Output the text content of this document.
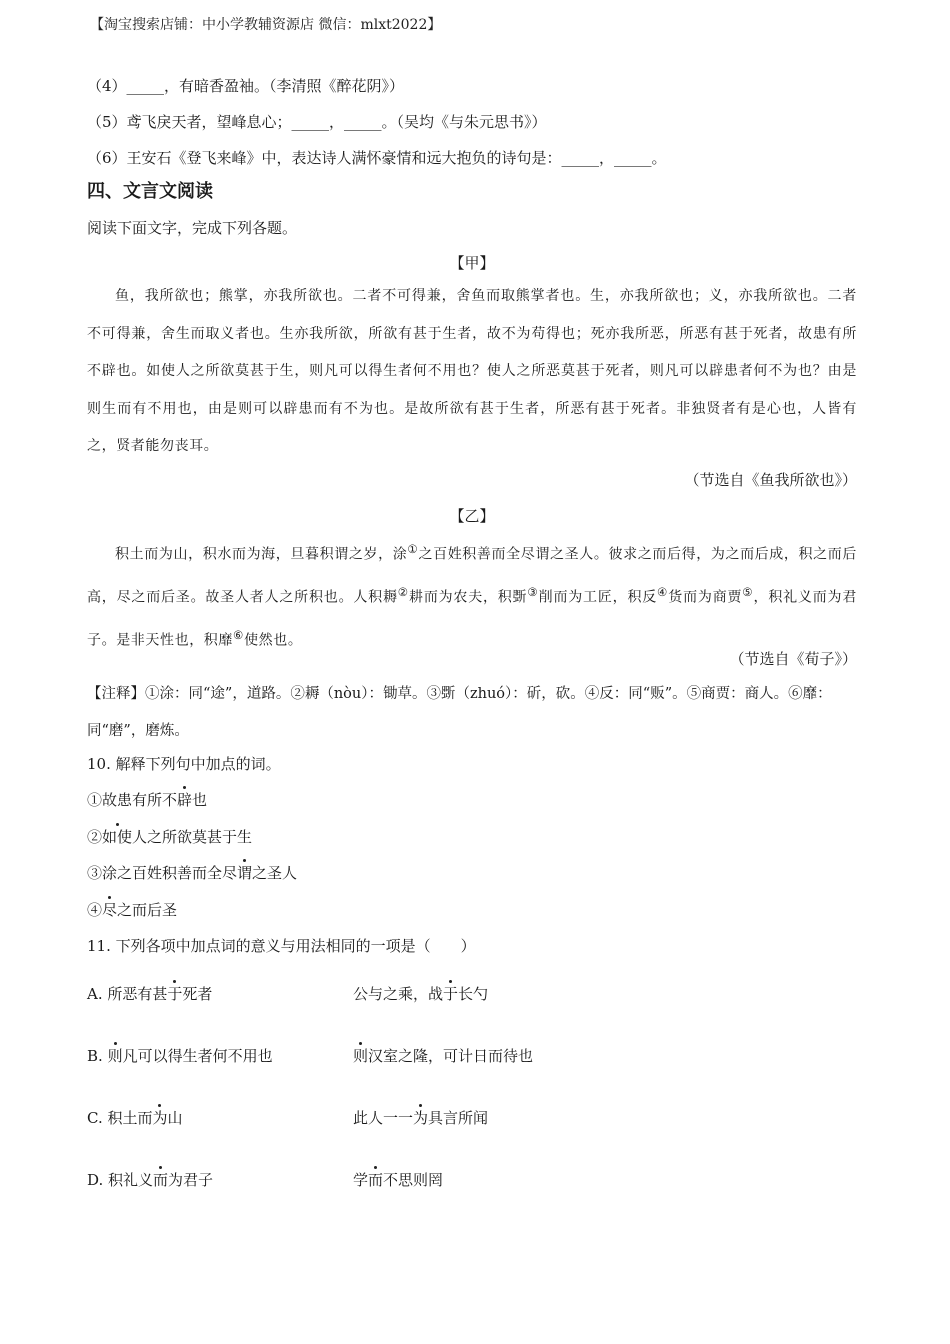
【淘宝搜索店铺：中小学教辅资源店 微信：mlxt2022】
（4）_____，有暗香盈袖。（李清照《醉花阴》）
（5）鸢飞戾天者，望峰息心；_____，_____。（吴均《与朱元思书》）
（6）王安石《登飞来峰》中，表达诗人满怀豪情和远大抱负的诗句是：_____，_____。
四、文言文阅读
阅读下面文字，完成下列各题。
【甲】
鱼，我所欲也；熊掌，亦我所欲也。二者不可得兼，舍鱼而取熊掌者也。生，亦我所欲也；义，亦我所欲也。二者不可得兼，舍生而取义者也。生亦我所欲，所欲有甚于生者，故不为苟得也；死亦我所恶，所恶有甚于死者，故患有所不辟也。如使人之所欲莫甚于生，则凡可以得生者何不用也？使人之所恶莫甚于死者，则凡可以辟患者何不为也？由是则生而有不用也，由是则可以辟患而有不为也。是故所欲有甚于生者，所恶有甚于死者。非独贤者有是心也，人皆有之，贤者能勿丧耳。
（节选自《鱼我所欲也》）
【乙】
积土而为山，积水而为海，旦暮积谓之岁，涂①之百姓积善而全尽谓之圣人。彼求之而后得，为之而后成，积之而后高，尽之而后圣。故圣人者人之所积也。人积耨②耕而为农夫，积斲③削而为工匠，积反④货而为商贾⑤，积礼义而为君子。是非天性也，积靡⑥使然也。
（节选自《荀子》）
【注释】①涂：同“途”，道路。②耨（nòu）：锄草。③斲（zhuó）：斫，砍。④反：同“贩”。⑤商贾：商人。⑥靡：同“磨”，磨炼。
10. 解释下列句中加点的词。
①故患有所不辟也
②如使人之所欲莫甚于生
③涂之百姓积善而全尽谓之圣人
④尽之而后圣
11. 下列各项中加点词的意义与用法相同的一项是（　　）
A. 所恶有甚于死者	公与之乘，战于长勺
B. 则凡可以得生者何不用也	则汉室之隆，可计日而待也
C. 积土而为山	此人一一为具言所闻
D. 积礼义而为君子	学而不思则罔
